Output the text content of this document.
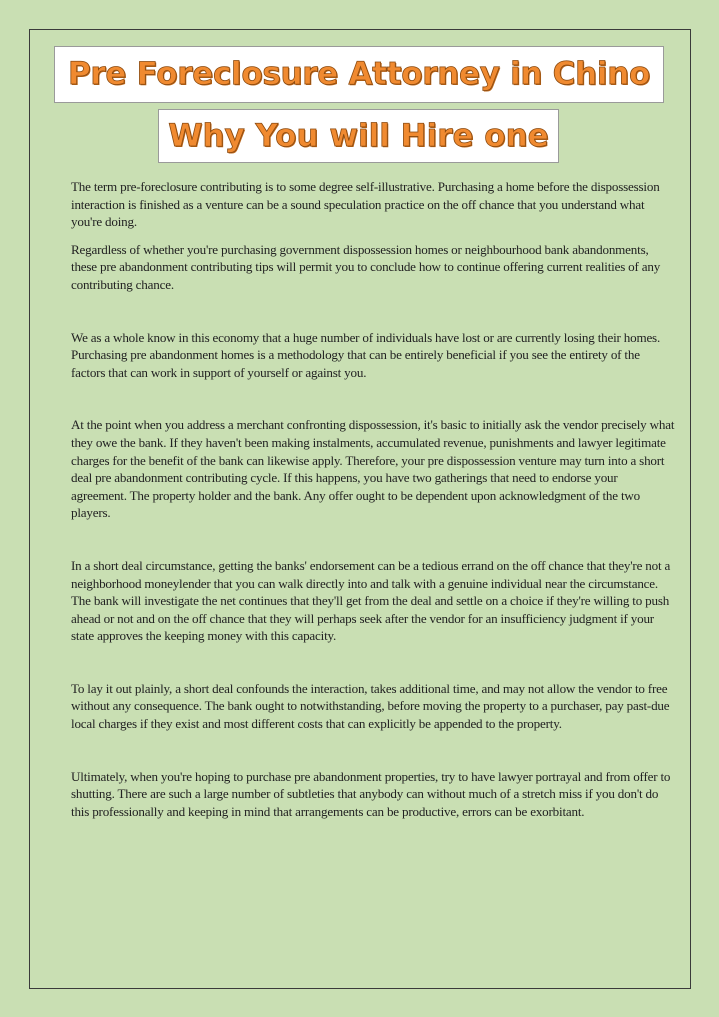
Pre Foreclosure Attorney in Chino
Why You will Hire one

The term pre-foreclosure contributing is to some degree self-illustrative. Purchasing a home before the dispossession interaction is finished as a venture can be a sound speculation practice on the off chance that you understand what you're doing.

Regardless of whether you're purchasing government dispossession homes or neighbourhood bank abandonments, these pre abandonment contributing tips will permit you to conclude how to continue offering current realities of any contributing chance.

We as a whole know in this economy that a huge number of individuals have lost or are currently losing their homes. Purchasing pre abandonment homes is a methodology that can be entirely beneficial if you see the entirety of the factors that can work in support of yourself or against you.

At the point when you address a merchant confronting dispossession, it's basic to initially ask the vendor precisely what they owe the bank. If they haven't been making instalments, accumulated revenue, punishments and lawyer legitimate charges for the benefit of the bank can likewise apply. Therefore, your pre dispossession venture may turn into a short deal pre abandonment contributing cycle. If this happens, you have two gatherings that need to endorse your agreement. The property holder and the bank. Any offer ought to be dependent upon acknowledgment of the two players.

In a short deal circumstance, getting the banks' endorsement can be a tedious errand on the off chance that they're not a neighborhood moneylender that you can walk directly into and talk with a genuine individual near the circumstance. The bank will investigate the net continues that they'll get from the deal and settle on a choice if they're willing to push ahead or not and on the off chance that they will perhaps seek after the vendor for an insufficiency judgment if your state approves the keeping money with this capacity.

To lay it out plainly, a short deal confounds the interaction, takes additional time, and may not allow the vendor to free without any consequence. The bank ought to notwithstanding, before moving the property to a purchaser, pay past-due local charges if they exist and most different costs that can explicitly be appended to the property.

Ultimately, when you're hoping to purchase pre abandonment properties, try to have lawyer portrayal and from offer to shutting. There are such a large number of subtleties that anybody can without much of a stretch miss if you don't do this professionally and keeping in mind that arrangements can be productive, errors can be exorbitant.
